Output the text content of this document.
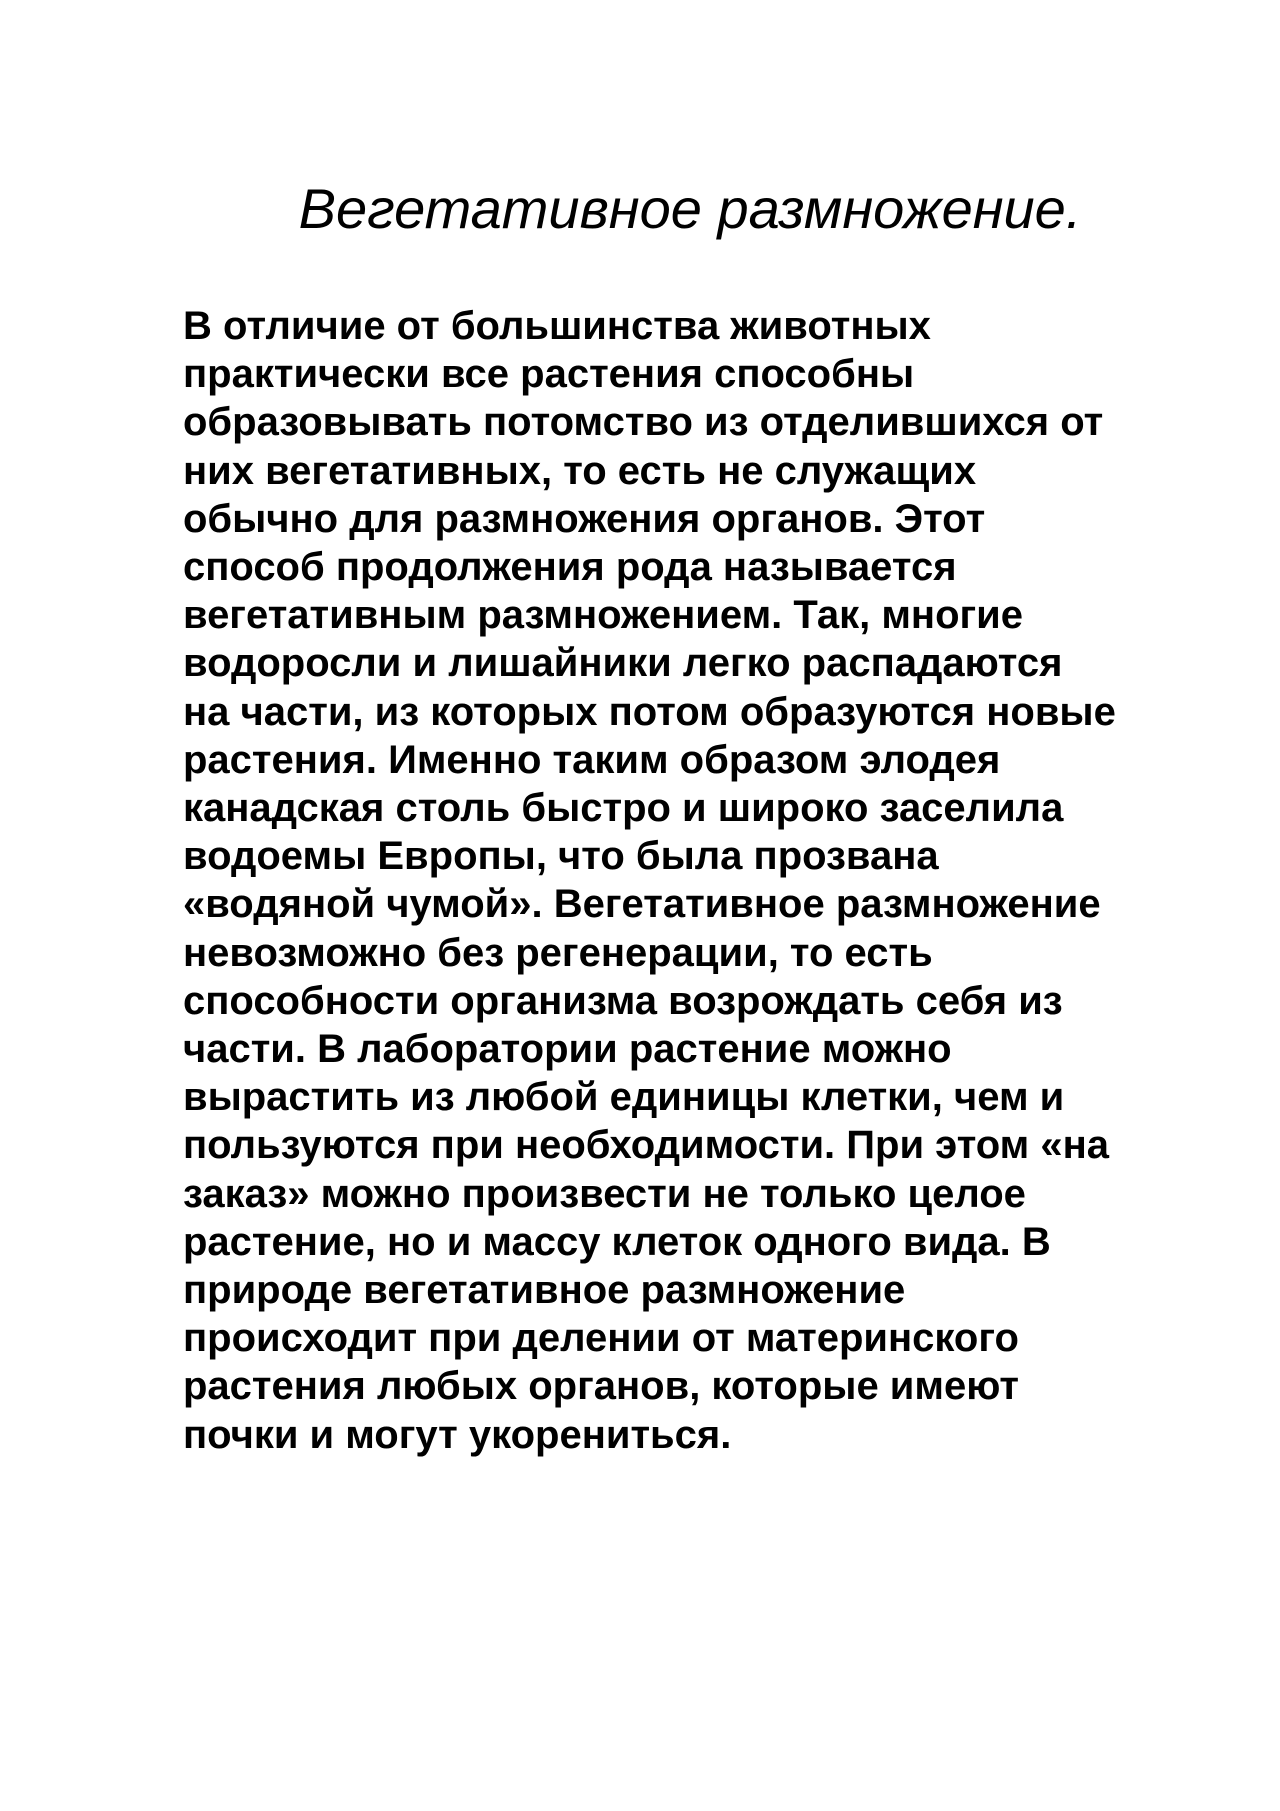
Вегетативное размножение.
В отличие от большинства животных
практически все растения способны
образовывать потомство из отделившихся от
них вегетативных, то есть не служащих
обычно для размножения органов. Этот
способ продолжения рода называется
вегетативным размножением. Так, многие
водоросли и лишайники легко распадаются
на части, из которых потом образуются новые
растения. Именно таким образом элодея
канадская столь быстро и широко заселила
водоемы Европы, что была прозвана
«водяной чумой». Вегетативное размножение
невозможно без регенерации, то есть
способности организма возрождать себя из
части. В лаборатории растение можно
вырастить из любой единицы клетки, чем и
пользуются при необходимости. При этом «на
заказ» можно произвести не только целое
растение, но и массу клеток одного вида. В
природе вегетативное размножение
происходит при делении от материнского
растения любых органов, которые имеют
почки и могут укорениться.
